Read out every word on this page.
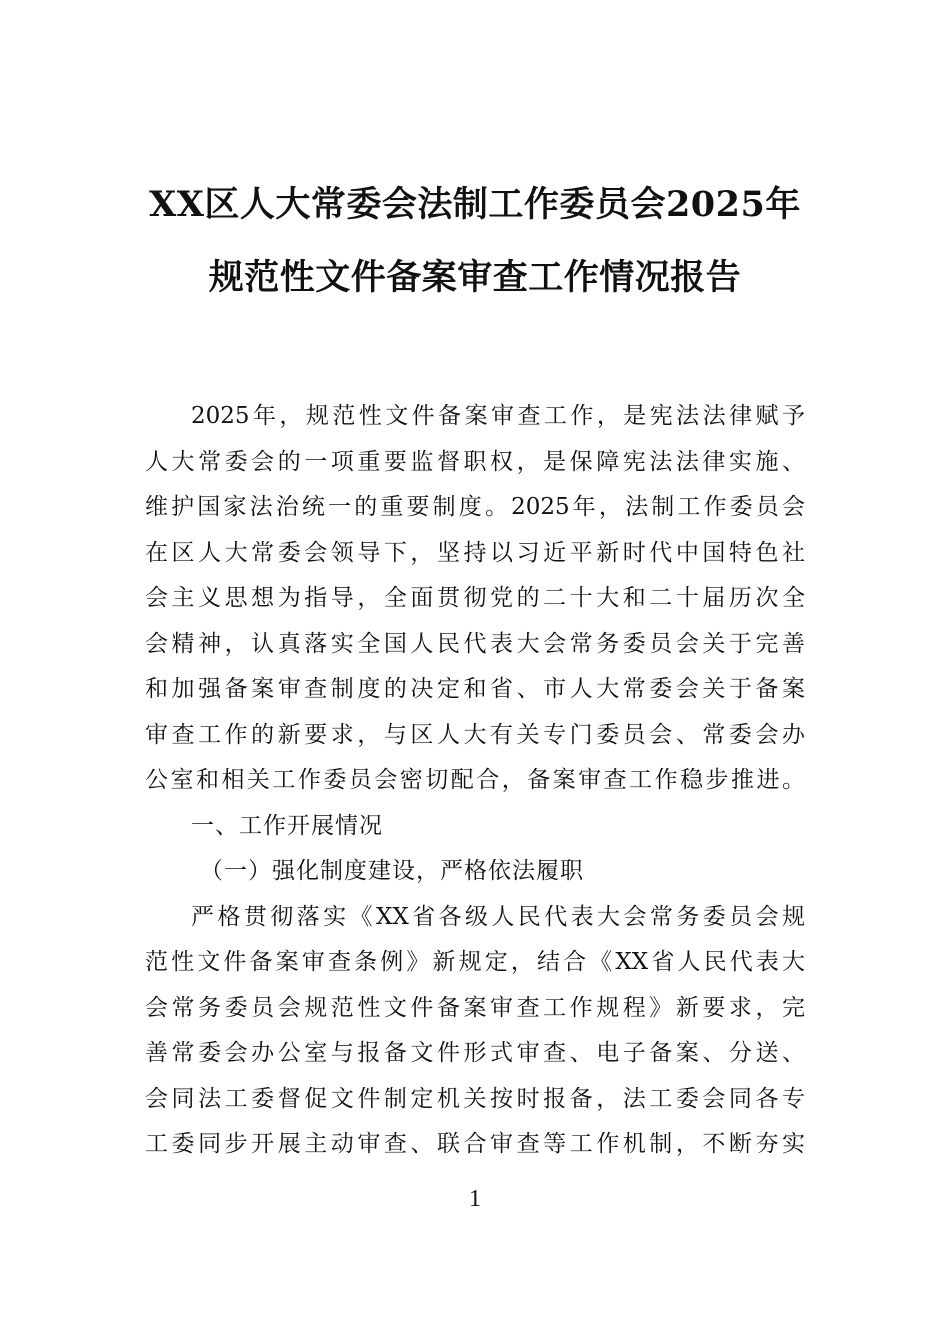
XX区人大常委会法制工作委员会2025年
规范性文件备案审查工作情况报告
2025年，规范性文件备案审查工作，是宪法法律赋予
人大常委会的一项重要监督职权，是保障宪法法律实施、
维护国家法治统一的重要制度。2025年，法制工作委员会
在区人大常委会领导下，坚持以习近平新时代中国特色社
会主义思想为指导，全面贯彻党的二十大和二十届历次全
会精神，认真落实全国人民代表大会常务委员会关于完善
和加强备案审查制度的决定和省、市人大常委会关于备案
审查工作的新要求，与区人大有关专门委员会、常委会办
公室和相关工作委员会密切配合，备案审查工作稳步推进。
一、工作开展情况
（一）强化制度建设，严格依法履职
严格贯彻落实《XX省各级人民代表大会常务委员会规
范性文件备案审查条例》新规定，结合《XX省人民代表大
会常务委员会规范性文件备案审查工作规程》新要求，完
善常委会办公室与报备文件形式审查、电子备案、分送、
会同法工委督促文件制定机关按时报备，法工委会同各专
工委同步开展主动审查、联合审查等工作机制，不断夯实
1
